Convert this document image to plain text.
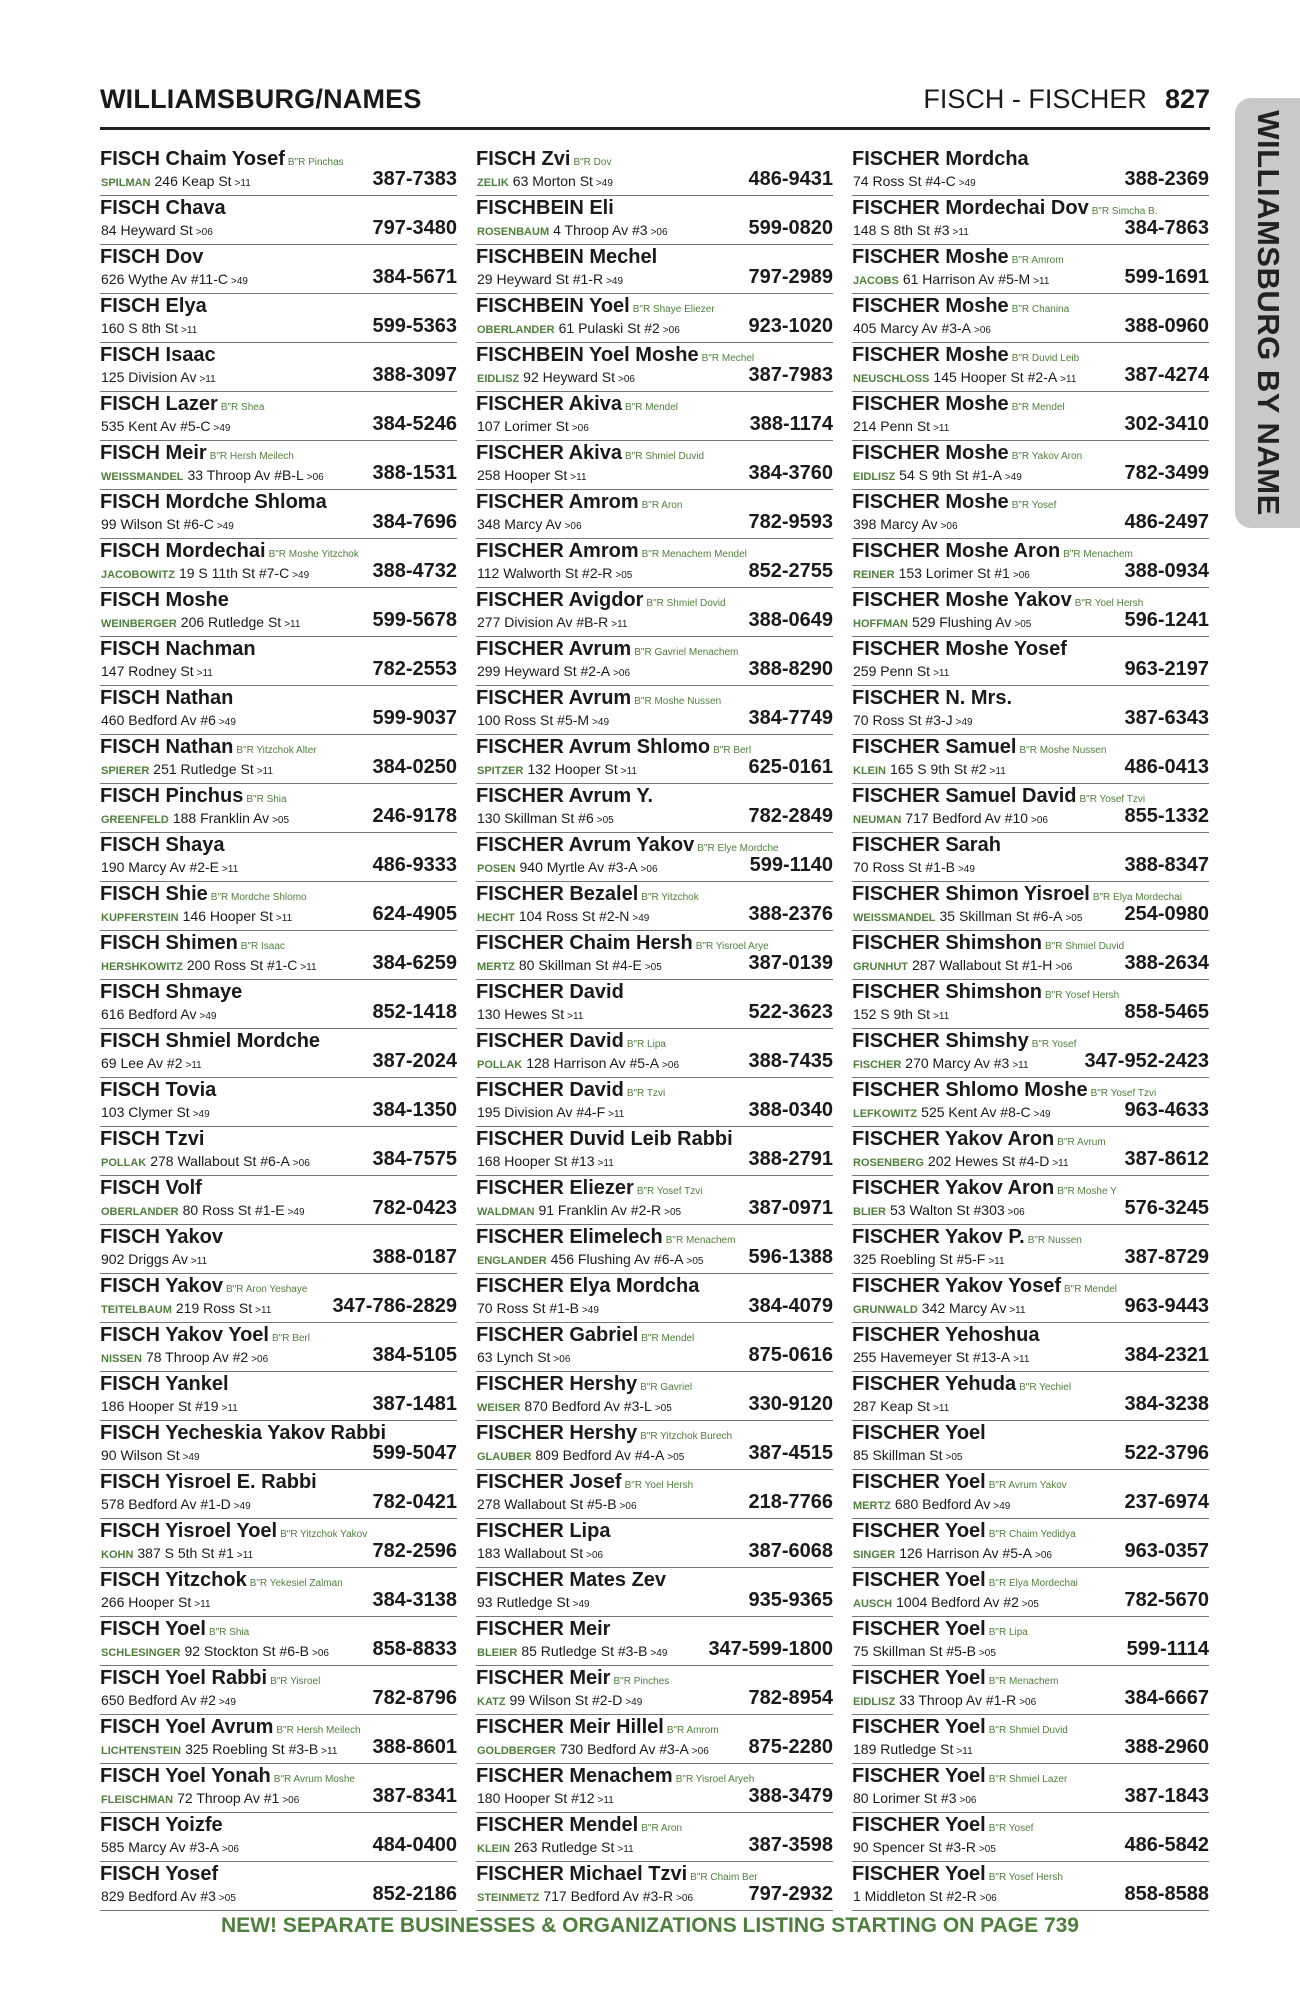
WILLIAMSBURG/NAMES	FISCH - FISCHER 827
WILLIAMSBURG BY NAME
FISCH Chaim Yosef B"R Pinchas
SPILMAN 246 Keap St >11	387-7383
FISCH Chava
84 Heyward St >06	797-3480
FISCH Dov
626 Wythe Av #11-C >49	384-5671
FISCH Elya
160 S 8th St >11	599-5363
FISCH Isaac
125 Division Av >11	388-3097
FISCH Lazer B"R Shea
535 Kent Av #5-C >49	384-5246
FISCH Meir B"R Hersh Meilech
WEISSMANDEL 33 Throop Av #B-L >06 388-1531
FISCH Mordche Shloma
99 Wilson St #6-C >49	384-7696
FISCH Mordechai B"R Moshe Yitzchok
JACOBOWITZ 19 S 11th St #7-C >49	388-4732
FISCH Moshe
WEINBERGER 206 Rutledge St >11	599-5678
FISCH Nachman
147 Rodney St >11	782-2553
FISCH Nathan
460 Bedford Av #6 >49	599-9037
FISCH Nathan B"R Yitzchok Alter
SPIERER 251 Rutledge St >11	384-0250
FISCH Pinchus B"R Shia
GREENFELD 188 Franklin Av >05	246-9178
FISCH Shaya
190 Marcy Av #2-E >11	486-9333
FISCH Shie B"R Mordche Shlomo
KUPFERSTEIN 146 Hooper St >11	624-4905
FISCH Shimen B"R Isaac
HERSHKOWITZ 200 Ross St #1-C >11	384-6259
FISCH Shmaye
616 Bedford Av >49	852-1418
FISCH Shmiel Mordche
69 Lee Av #2 >11	387-2024
FISCH Tovia
103 Clymer St >49	384-1350
FISCH Tzvi
POLLAK 278 Wallabout St #6-A >06	384-7575
FISCH Volf
OBERLANDER 80 Ross St #1-E >49	782-0423
FISCH Yakov
902 Driggs Av >11	388-0187
FISCH Yakov B"R Aron Yeshaye
TEITELBAUM 219 Ross St >11	347-786-2829
FISCH Yakov Yoel B"R Berl
NISSEN 78 Throop Av #2 >06	384-5105
FISCH Yankel
186 Hooper St #19 >11	387-1481
FISCH Yecheskia Yakov Rabbi
90 Wilson St >49	599-5047
FISCH Yisroel E. Rabbi
578 Bedford Av #1-D >49	782-0421
FISCH Yisroel Yoel B"R Yitzchok Yakov
KOHN 387 S 5th St #1 >11	782-2596
FISCH Yitzchok B"R Yekesiel Zalman
266 Hooper St >11	384-3138
FISCH Yoel B"R Shia
SCHLESINGER 92 Stockton St #6-B >06 858-8833
FISCH Yoel Rabbi B"R Yisroel
650 Bedford Av #2 >49	782-8796
FISCH Yoel Avrum B"R Hersh Meilech
LICHTENSTEIN 325 Roebling St #3-B >11 388-8601
FISCH Yoel Yonah B"R Avrum Moshe
FLEISCHMAN 72 Throop Av #1 >06	387-8341
FISCH Yoizfe
585 Marcy Av #3-A >06	484-0400
FISCH Yosef
829 Bedford Av #3 >05	852-2186
FISCH Zvi B"R Dov
ZELIK 63 Morton St >49	486-9431
FISCHBEIN Eli
ROSENBAUM 4 Throop Av #3 >06	599-0820
FISCHBEIN Mechel
29 Heyward St #1-R >49	797-2989
FISCHBEIN Yoel B"R Shaye Eliezer
OBERLANDER 61 Pulaski St #2 >06	923-1020
FISCHBEIN Yoel Moshe B"R Mechel
EIDLISZ 92 Heyward St >06	387-7983
FISCHER Akiva B"R Mendel
107 Lorimer St >06	388-1174
FISCHER Akiva B"R Shmiel Duvid
258 Hooper St >11	384-3760
FISCHER Amrom B"R Aron
348 Marcy Av >06	782-9593
FISCHER Amrom B"R Menachem Mendel
112 Walworth St #2-R >05	852-2755
FISCHER Avigdor B"R Shmiel Dovid
277 Division Av #B-R >11	388-0649
FISCHER Avrum B"R Gavriel Menachem
299 Heyward St #2-A >06	388-8290
FISCHER Avrum B"R Moshe Nussen
100 Ross St #5-M >49	384-7749
FISCHER Avrum Shlomo B"R Berl
SPITZER 132 Hooper St >11	625-0161
FISCHER Avrum Y.
130 Skillman St #6 >05	782-2849
FISCHER Avrum Yakov B"R Elye Mordche
POSEN 940 Myrtle Av #3-A >06	599-1140
FISCHER Bezalel B"R Yitzchok
HECHT 104 Ross St #2-N >49	388-2376
FISCHER Chaim Hersh B"R Yisroel Arye
MERTZ 80 Skillman St #4-E >05	387-0139
FISCHER David
130 Hewes St >11	522-3623
FISCHER David B"R Lipa
POLLAK 128 Harrison Av #5-A >06	388-7435
FISCHER David B"R Tzvi
195 Division Av #4-F >11	388-0340
FISCHER Duvid Leib Rabbi
168 Hooper St #13 >11	388-2791
FISCHER Eliezer B"R Yosef Tzvi
WALDMAN 91 Franklin Av #2-R >05	387-0971
FISCHER Elimelech B"R Menachem
ENGLANDER 456 Flushing Av #6-A >05 596-1388
FISCHER Elya Mordcha
70 Ross St #1-B >49	384-4079
FISCHER Gabriel B"R Mendel
63 Lynch St >06	875-0616
FISCHER Hershy B"R Gavriel
WEISER 870 Bedford Av #3-L >05	330-9120
FISCHER Hershy B"R Yitzchok Burech
GLAUBER 809 Bedford Av #4-A >05	387-4515
FISCHER Josef B"R Yoel Hersh
278 Wallabout St #5-B >06	218-7766
FISCHER Lipa
183 Wallabout St >06	387-6068
FISCHER Mates Zev
93 Rutledge St >49	935-9365
FISCHER Meir
BLEIER 85 Rutledge St #3-B >49 347-599-1800
FISCHER Meir B"R Pinches
KATZ 99 Wilson St #2-D >49	782-8954
FISCHER Meir Hillel B"R Amrom
GOLDBERGER 730 Bedford Av #3-A >06 875-2280
FISCHER Menachem B"R Yisroel Aryeh
180 Hooper St #12 >11	388-3479
FISCHER Mendel B"R Aron
KLEIN 263 Rutledge St >11	387-3598
FISCHER Michael Tzvi B"R Chaim Ber
STEINMETZ 717 Bedford Av #3-R >06	797-2932
FISCHER Mordcha
74 Ross St #4-C >49	388-2369
FISCHER Mordechai Dov B"R Simcha B.
148 S 8th St #3 >11	384-7863
FISCHER Moshe B"R Amrom
JACOBS 61 Harrison Av #5-M >11	599-1691
FISCHER Moshe B"R Chanina
405 Marcy Av #3-A >06	388-0960
FISCHER Moshe B"R Duvid Leib
NEUSCHLOSS 145 Hooper St #2-A >11 387-4274
FISCHER Moshe B"R Mendel
214 Penn St >11	302-3410
FISCHER Moshe B"R Yakov Aron
EIDLISZ 54 S 9th St #1-A >49	782-3499
FISCHER Moshe B"R Yosef
398 Marcy Av >06	486-2497
FISCHER Moshe Aron B"R Menachem
REINER 153 Lorimer St #1 >06	388-0934
FISCHER Moshe Yakov B"R Yoel Hersh
HOFFMAN 529 Flushing Av >05	596-1241
FISCHER Moshe Yosef
259 Penn St >11	963-2197
FISCHER N. Mrs.
70 Ross St #3-J >49	387-6343
FISCHER Samuel B"R Moshe Nussen
KLEIN 165 S 9th St #2 >11	486-0413
FISCHER Samuel David B"R Yosef Tzvi
NEUMAN 717 Bedford Av #10 >06	855-1332
FISCHER Sarah
70 Ross St #1-B >49	388-8347
FISCHER Shimon Yisroel B"R Elya Mordechai
WEISSMANDEL 35 Skillman St #6-A >05 254-0980
FISCHER Shimshon B"R Shmiel Duvid
GRUNHUT 287 Wallabout St #1-H >06	388-2634
FISCHER Shimshon B"R Yosef Hersh
152 S 9th St >11	858-5465
FISCHER Shimshy B"R Yosef
FISCHER 270 Marcy Av #3 >11	347-952-2423
FISCHER Shlomo Moshe B"R Yosef Tzvi
LEFKOWITZ 525 Kent Av #8-C >49	963-4633
FISCHER Yakov Aron B"R Avrum
ROSENBERG 202 Hewes St #4-D >11	387-8612
FISCHER Yakov Aron B"R Moshe Y
BLIER 53 Walton St #303 >06	576-3245
FISCHER Yakov P. B"R Nussen
325 Roebling St #5-F >11	387-8729
FISCHER Yakov Yosef B"R Mendel
GRUNWALD 342 Marcy Av >11	963-9443
FISCHER Yehoshua
255 Havemeyer St #13-A >11	384-2321
FISCHER Yehuda B"R Yechiel
287 Keap St >11	384-3238
FISCHER Yoel
85 Skillman St >05	522-3796
FISCHER Yoel B"R Avrum Yakov
MERTZ 680 Bedford Av >49	237-6974
FISCHER Yoel B"R Chaim Yedidya
SINGER 126 Harrison Av #5-A >06	963-0357
FISCHER Yoel B"R Elya Mordechai
AUSCH 1004 Bedford Av #2 >05	782-5670
FISCHER Yoel B"R Lipa
75 Skillman St #5-B >05	599-1114
FISCHER Yoel B"R Menachem
EIDLISZ 33 Throop Av #1-R >06	384-6667
FISCHER Yoel B"R Shmiel Duvid
189 Rutledge St >11	388-2960
FISCHER Yoel B"R Shmiel Lazer
80 Lorimer St #3 >06	387-1843
FISCHER Yoel B"R Yosef
90 Spencer St #3-R >05	486-5842
FISCHER Yoel B"R Yosef Hersh
1 Middleton St #2-R >06	858-8588
NEW! SEPARATE BUSINESSES & ORGANIZATIONS LISTING STARTING ON PAGE 739
